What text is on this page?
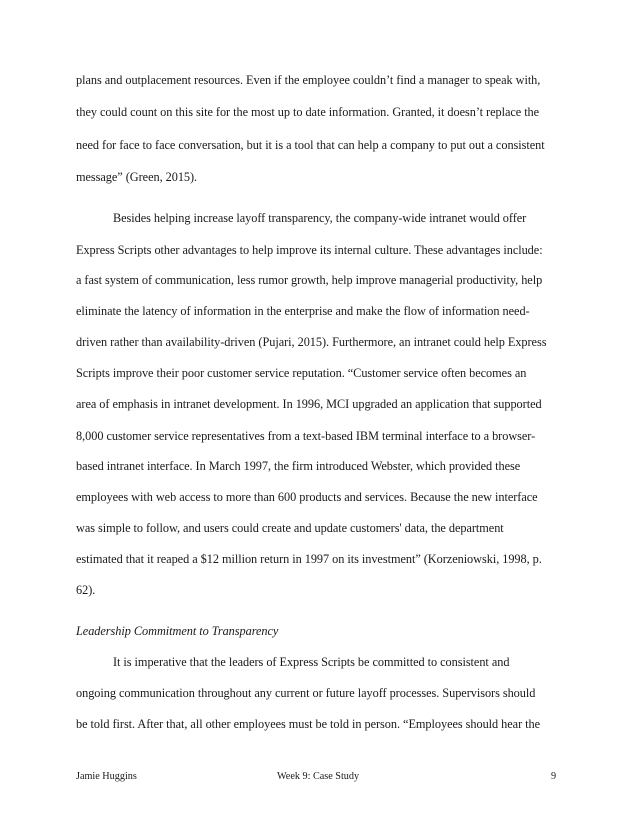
plans and outplacement resources. Even if the employee couldn’t find a manager to speak with,
they could count on this site for the most up to date information. Granted, it doesn’t replace the
need for face to face conversation, but it is a tool that can help a company to put out a consistent
message” (Green, 2015).
Besides helping increase layoff transparency, the company-wide intranet would offer
Express Scripts other advantages to help improve its internal culture. These advantages include:
a fast system of communication, less rumor growth, help improve managerial productivity, help
eliminate the latency of information in the enterprise and make the flow of information need-
driven rather than availability-driven (Pujari, 2015). Furthermore, an intranet could help Express
Scripts improve their poor customer service reputation. “Customer service often becomes an
area of emphasis in intranet development. In 1996, MCI upgraded an application that supported
8,000 customer service representatives from a text-based IBM terminal interface to a browser-
based intranet interface. In March 1997, the firm introduced Webster, which provided these
employees with web access to more than 600 products and services. Because the new interface
was simple to follow, and users could create and update customers' data, the department
estimated that it reaped a $12 million return in 1997 on its investment” (Korzeniowski, 1998, p.
62).
Leadership Commitment to Transparency
It is imperative that the leaders of Express Scripts be committed to consistent and
ongoing communication throughout any current or future layoff processes. Supervisors should
be told first. After that, all other employees must be told in person. “Employees should hear the
Jamie Huggins	Week 9: Case Study	9
